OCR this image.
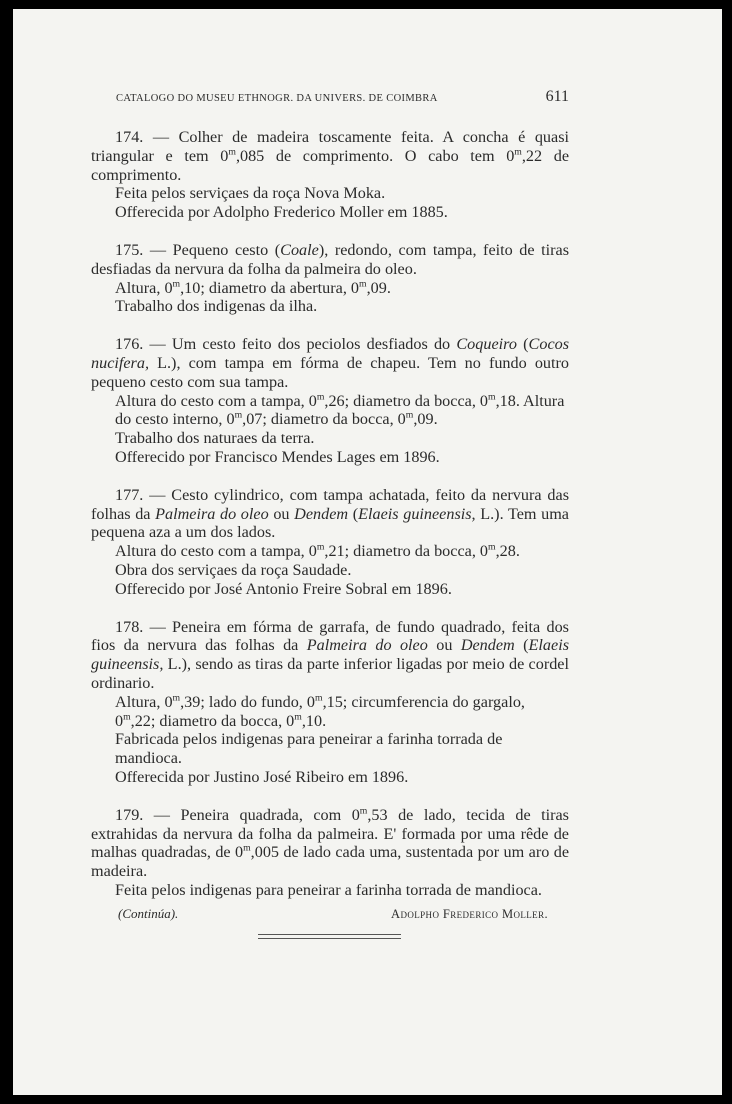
CATALOGO DO MUSEU ETHNOGR. DA UNIVERS. DE COIMBRA	611

174. — Colher de madeira toscamente feita. A concha é quasi triangular e tem 0$^m$,085 de comprimento. O cabo tem 0$^m$,22 de comprimento.

Feita pelos serviçaes da roça Nova Moka.

Offerecida por Adolpho Frederico Moller em 1885.

175. — Pequeno cesto (Coale), redondo, com tampa, feito de tiras desfiadas da nervura da folha da palmeira do oleo.

Altura, 0$^m$,10; diametro da abertura, 0$^m$,09.

Trabalho dos indigenas da ilha.

176. — Um cesto feito dos peciolos desfiados do Coqueiro (Cocos nucifera, L.), com tampa em fórma de chapeu. Tem no fundo outro pequeno cesto com sua tampa.

Altura do cesto com a tampa, 0$^m$,26; diametro da bocca, 0$^m$,18. Altura do cesto interno, 0$^m$,07; diametro da bocca, 0$^m$,09.

Trabalho dos naturaes da terra.

Offerecido por Francisco Mendes Lages em 1896.

177. — Cesto cylindrico, com tampa achatada, feito da nervura das folhas da Palmeira do oleo ou Dendem (Elaeis guineensis, L.). Tem uma pequena aza a um dos lados.

Altura do cesto com a tampa, 0$^m$,21; diametro da bocca, 0$^m$,28.

Obra dos serviçaes da roça Saudade.

Offerecido por José Antonio Freire Sobral em 1896.

178. — Peneira em fórma de garrafa, de fundo quadrado, feita dos fios da nervura das folhas da Palmeira do oleo ou Dendem (Elaeis guineensis, L.), sendo as tiras da parte inferior ligadas por meio de cordel ordinario.

Altura, 0$^m$,39; lado do fundo, 0$^m$,15; circumferencia do gargalo, 0$^m$,22; diametro da bocca, 0$^m$,10.

Fabricada pelos indigenas para peneirar a farinha torrada de mandioca.

Offerecida por Justino José Ribeiro em 1896.

179. — Peneira quadrada, com 0$^m$,53 de lado, tecida de tiras extrahidas da nervura da folha da palmeira. E' formada por uma rêde de malhas quadradas, de 0$^m$,005 de lado cada uma, sustentada por um aro de madeira.

Feita pelos indigenas para peneirar a farinha torrada de mandioca.

(Continúa).	Adolpho Frederico Moller.
